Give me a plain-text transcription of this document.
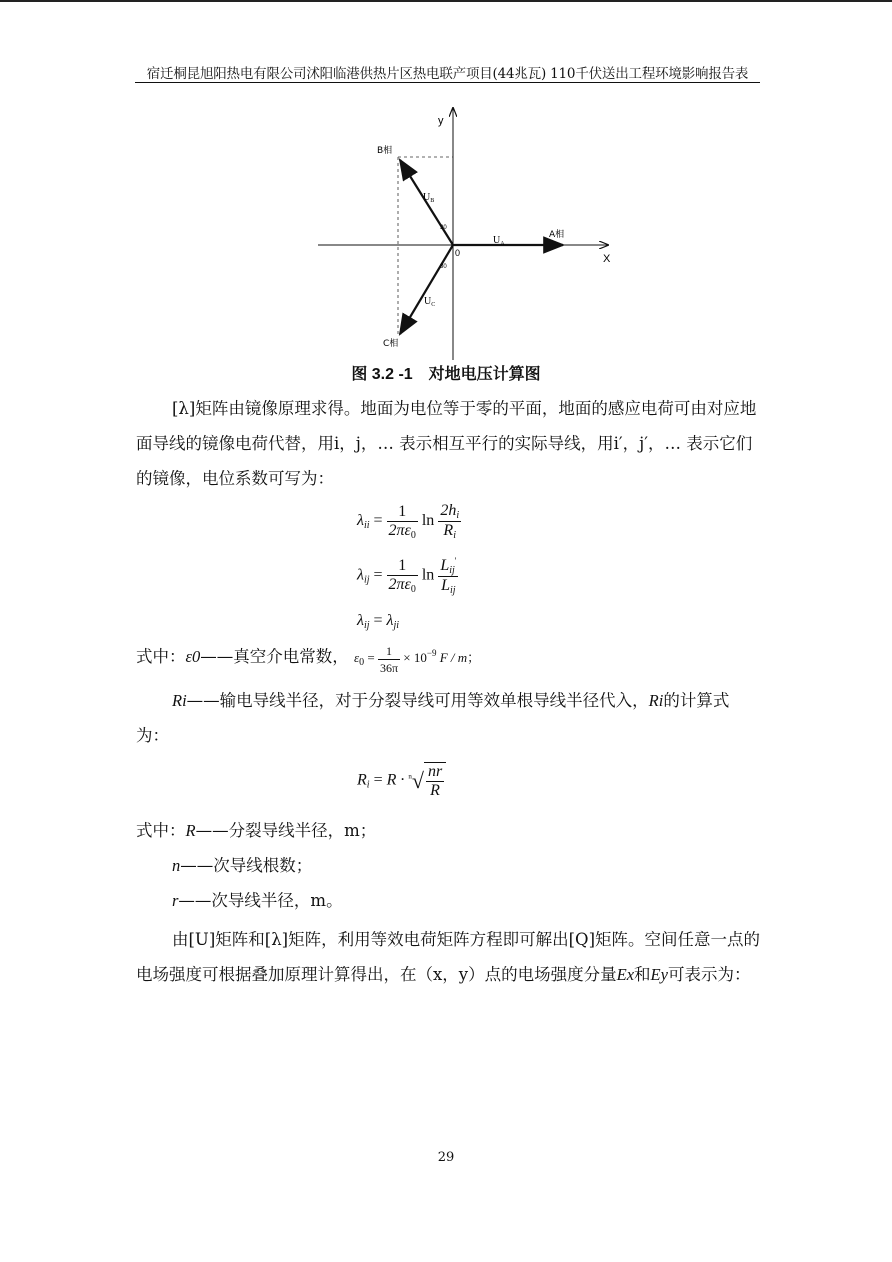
宿迁桐昆旭阳热电有限公司沭阳临港供热片区热电联产项目(44兆瓦) 110千伏送出工程环境影响报告表
y
X
0
B相
A相
C相
$U_B$
$U_A$
$U_C$
30
30
图 3.2 -1　对地电压计算图
[λ]矩阵由镜像原理求得。地面为电位等于零的平面，地面的感应电荷可由对应地面导线的镜像电荷代替，用i，j，… 表示相互平行的实际导线，用i′，j′，… 表示它们的镜像，电位系数可写为：
$\lambda_{ii} = \frac{1}{2\pi\varepsilon_0}$ $\ln \frac{2h_i}{R_i}$
$\lambda_{ij} = \frac{1}{2\pi\varepsilon_0}$ $\ln \frac{L_{ij}'}{L_{ij}}$
$\lambda_{ij} = \lambda_{ji}$
式中：ε0——真空介电常数， $\varepsilon_0 = \frac{1}{36\pi} \times 10^{-9}$ F / m；
Ri——输电导线半径，对于分裂导线可用等效单根导线半径代入，Ri的计算式为：
$R_i = R \cdot ^n√ \frac{nr}{R}$
式中：R——分裂导线半径，m；
n——次导线根数；
r——次导线半径，m。
由[U]矩阵和[λ]矩阵，利用等效电荷矩阵方程即可解出[Q]矩阵。空间任意一点的电场强度可根据叠加原理计算得出，在（x，y）点的电场强度分量Ex和Ey可表示为：
29
